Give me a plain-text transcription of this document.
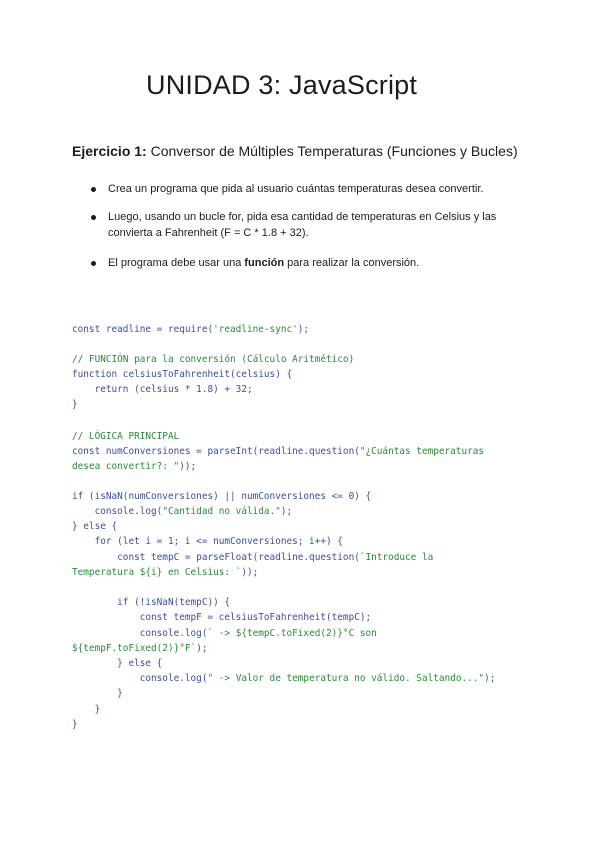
UNIDAD 3: JavaScript
Ejercicio 1: Conversor de Múltiples Temperaturas (Funciones y Bucles)
Crea un programa que pida al usuario cuántas temperaturas desea convertir.
Luego, usando un bucle for, pida esa cantidad de temperaturas en Celsius y las
convierta a Fahrenheit (F = C * 1.8 + 32).
El programa debe usar una función para realizar la conversión.
const readline = require('readline-sync');
// FUNCIÓN para la conversión (Cálculo Aritmético)
function celsiusToFahrenheit(celsius) {
return (celsius * 1.8) + 32;
}
// LÓGICA PRINCIPAL
const numConversiones = parseInt(readline.question("¿Cuántas temperaturas
desea convertir?: "));
if (isNaN(numConversiones) || numConversiones <= 0) {
console.log("Cantidad no válida.");
} else {
for (let i = 1; i <= numConversiones; i++) {
const tempC = parseFloat(readline.question(`Introduce la
Temperatura ${i} en Celsius: `));
if (!isNaN(tempC)) {
const tempF = celsiusToFahrenheit(tempC);
console.log(` -> ${tempC.toFixed(2)}°C son
${tempF.toFixed(2)}°F`);
} else {
console.log(" -> Valor de temperatura no válido. Saltando...");
}
}
}
